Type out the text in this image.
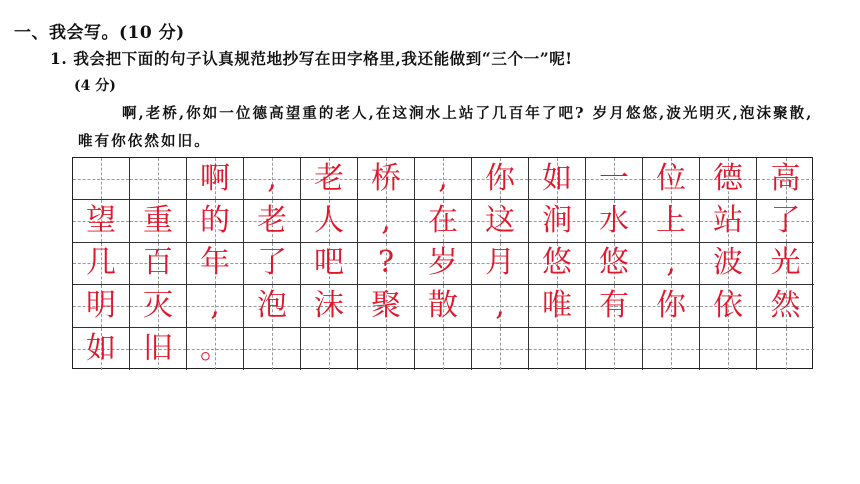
一、我会写。(10 分)
1. 我会把下面的句子认真规范地抄写在田字格里,我还能做到“三个一”呢!
(4 分)
啊,老桥,你如一位德高望重的老人,在这涧水上站了几百年了吧? 岁月悠悠,波光明灭,泡沫聚散,唯有你依然如旧。
啊 , 老 桥 , 你 如 一 位 德 高
望 重 的 老 人 , 在 这 涧 水 上 站 了
几 百 年 了 吧 ? 岁 月 悠 悠 , 波 光
明 灭 , 泡 沫 聚 散 , 唯 有 你 依 然
如 旧 。
